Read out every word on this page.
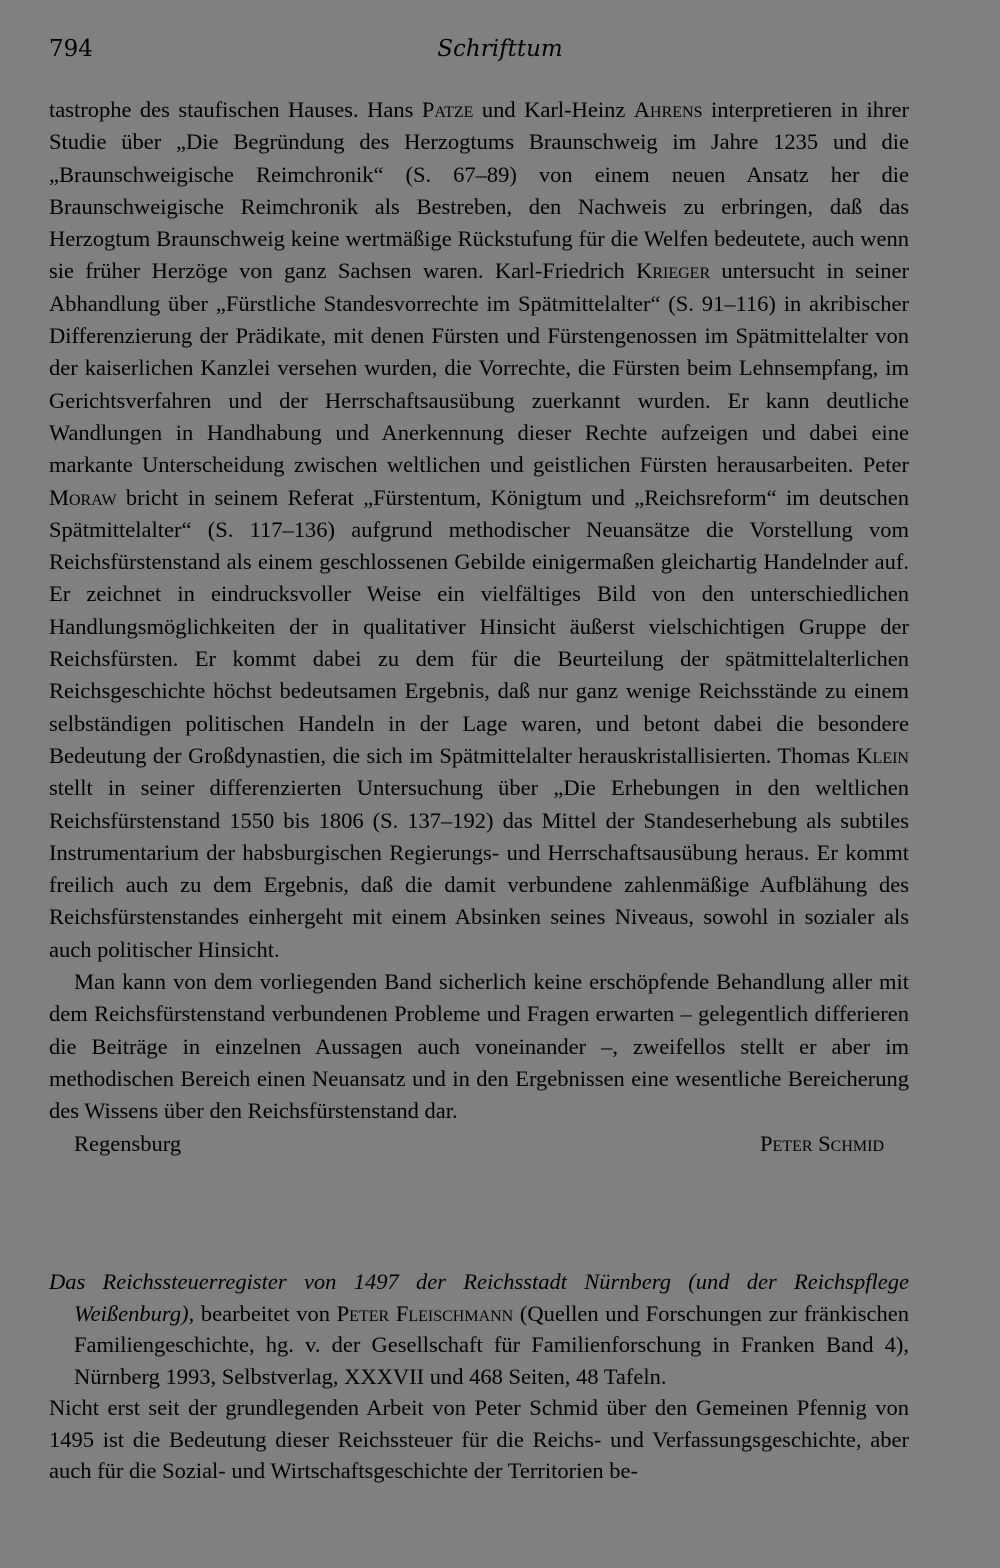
794	Schrifttum

tastrophe des staufischen Hauses. Hans Patze und Karl-Heinz Ahrens interpretieren in ihrer Studie über „Die Begründung des Herzogtums Braunschweig im Jahre 1235 und die „Braunschweigische Reimchronik“ (S. 67–89) von einem neuen Ansatz her die Braunschweigische Reimchronik als Bestreben, den Nachweis zu erbringen, daß das Herzogtum Braunschweig keine wertmäßige Rückstufung für die Welfen bedeutete, auch wenn sie früher Herzöge von ganz Sachsen waren. Karl-Friedrich Krieger untersucht in seiner Abhandlung über „Fürstliche Standesvorrechte im Spätmittelalter“ (S. 91–116) in akribischer Differenzierung der Prädikate, mit denen Fürsten und Fürstengenossen im Spätmittelalter von der kaiserlichen Kanzlei versehen wurden, die Vorrechte, die Fürsten beim Lehnsempfang, im Gerichtsverfahren und der Herrschaftsausübung zuerkannt wurden. Er kann deutliche Wandlungen in Handhabung und Anerkennung dieser Rechte aufzeigen und dabei eine markante Unterscheidung zwischen weltlichen und geistlichen Fürsten herausarbeiten. Peter Moraw bricht in seinem Referat „Fürstentum, Königtum und „Reichsreform“ im deutschen Spätmittelalter“ (S. 117–136) aufgrund methodischer Neuansätze die Vorstellung vom Reichsfürstenstand als einem geschlossenen Gebilde einigermaßen gleichartig Handelnder auf. Er zeichnet in eindrucksvoller Weise ein vielfältiges Bild von den unterschiedlichen Handlungsmöglichkeiten der in qualitativer Hinsicht äußerst vielschichtigen Gruppe der Reichsfürsten. Er kommt dabei zu dem für die Beurteilung der spätmittelalterlichen Reichsgeschichte höchst bedeutsamen Ergebnis, daß nur ganz wenige Reichsstände zu einem selbständigen politischen Handeln in der Lage waren, und betont dabei die besondere Bedeutung der Großdynastien, die sich im Spätmittelalter herauskristallisierten. Thomas Klein stellt in seiner differenzierten Untersuchung über „Die Erhebungen in den weltlichen Reichsfürstenstand 1550 bis 1806 (S. 137–192) das Mittel der Standeserhebung als subtiles Instrumentarium der habsburgischen Regierungs- und Herrschaftsausübung heraus. Er kommt freilich auch zu dem Ergebnis, daß die damit verbundene zahlenmäßige Aufblähung des Reichsfürstenstandes einhergeht mit einem Absinken seines Niveaus, sowohl in sozialer als auch politischer Hinsicht.

Man kann von dem vorliegenden Band sicherlich keine erschöpfende Behandlung aller mit dem Reichsfürstenstand verbundenen Probleme und Fragen erwarten – gelegentlich differieren die Beiträge in einzelnen Aussagen auch voneinander –, zweifellos stellt er aber im methodischen Bereich einen Neuansatz und in den Ergebnissen eine wesentliche Bereicherung des Wissens über den Reichsfürstenstand dar.

Regensburg	Peter Schmid

Das Reichssteuerregister von 1497 der Reichsstadt Nürnberg (und der Reichspflege Weißenburg), bearbeitet von Peter Fleischmann (Quellen und Forschungen zur fränkischen Familiengeschichte, hg. v. der Gesellschaft für Familienforschung in Franken Band 4), Nürnberg 1993, Selbstverlag, XXXVII und 468 Seiten, 48 Tafeln.

Nicht erst seit der grundlegenden Arbeit von Peter Schmid über den Gemeinen Pfennig von 1495 ist die Bedeutung dieser Reichssteuer für die Reichs- und Verfassungsgeschichte, aber auch für die Sozial- und Wirtschaftsgeschichte der Territorien be-
